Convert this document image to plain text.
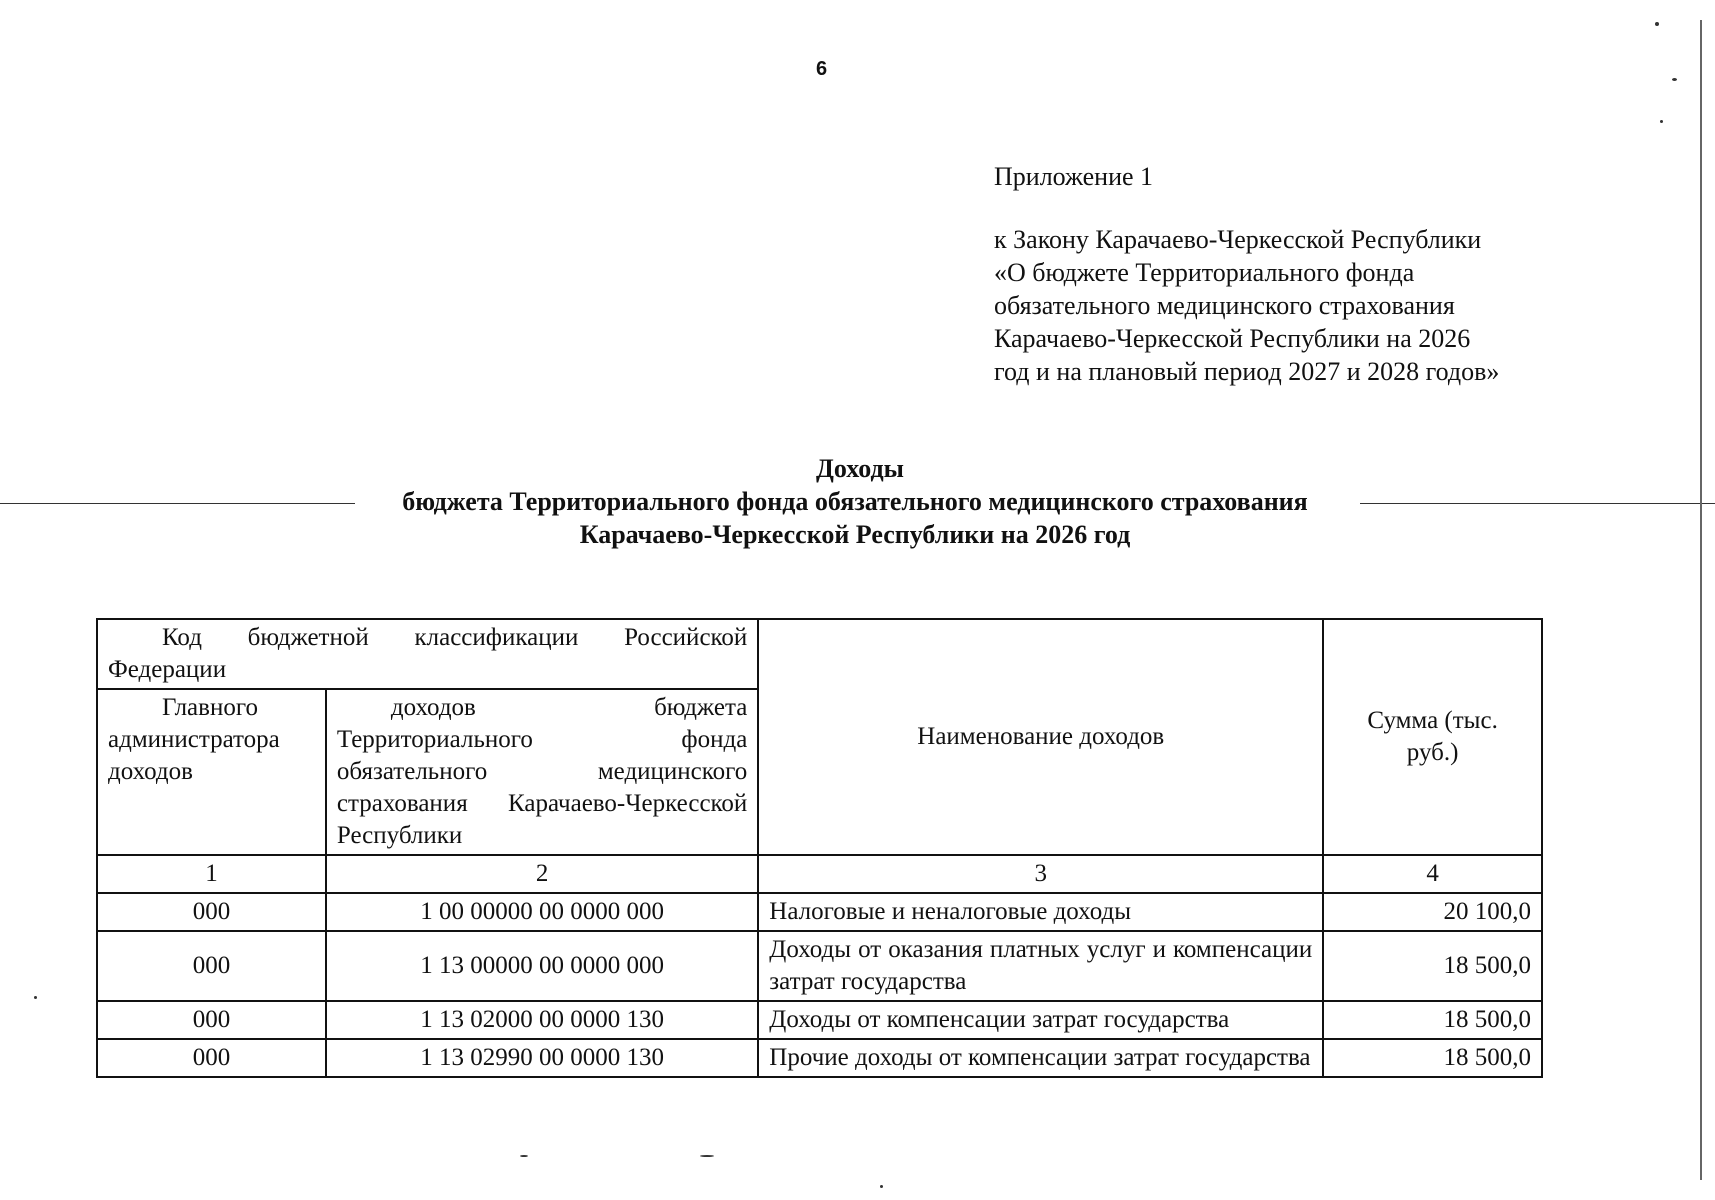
6
Приложение 1
к Закону Карачаево-Черкесской Республики
«О бюджете Территориального фонда
обязательного медицинского страхования
Карачаево-Черкесской Республики на 2026
год и на плановый период 2027 и 2028 годов»
Доходы
бюджета Территориального фонда обязательного медицинского страхования
Карачаево-Черкесской Республики на 2026 год
Код бюджетной классификации Российской Федерации		Наименование доходов	Сумма (тыс. руб.)
Главного администратора доходов	доходов бюджета Территориального фонда обязательного медицинского страхования Карачаево-Черкесской Республики		
1	2	3	4
000	1 00 00000 00 0000 000	Налоговые и неналоговые доходы	20 100,0
000	1 13 00000 00 0000 000	Доходы от оказания платных услуг и компенсации затрат государства	18 500,0
000	1 13 02000 00 0000 130	Доходы от компенсации затрат государства	18 500,0
000	1 13 02990 00 0000 130	Прочие доходы от компенсации затрат государства	18 500,0
